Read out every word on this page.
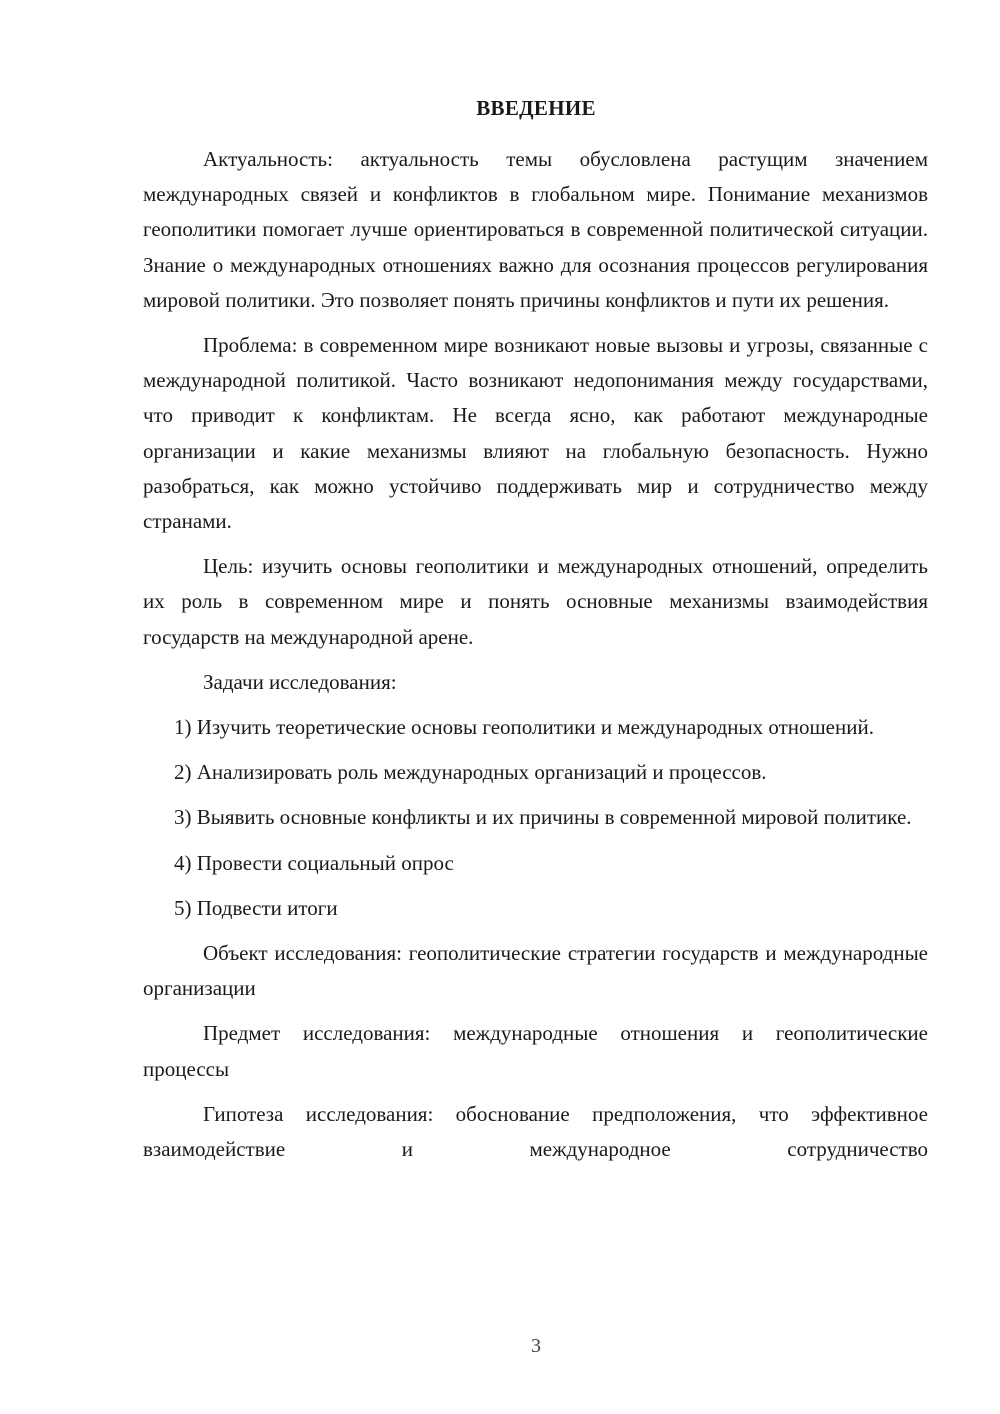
ВВЕДЕНИЕ

Актуальность: актуальность темы обусловлена растущим значением международных связей и конфликтов в глобальном мире. Понимание механизмов геополитики помогает лучше ориентироваться в современной политической ситуации. Знание о международных отношениях важно для осознания процессов регулирования мировой политики. Это позволяет понять причины конфликтов и пути их решения.

Проблема: в современном мире возникают новые вызовы и угрозы, связанные с международной политикой. Часто возникают недопонимания между государствами, что приводит к конфликтам. Не всегда ясно, как работают международные организации и какие механизмы влияют на глобальную безопасность. Нужно разобраться, как можно устойчиво поддерживать мир и сотрудничество между странами.

Цель: изучить основы геополитики и международных отношений, определить их роль в современном мире и понять основные механизмы взаимодействия государств на международной арене.

Задачи исследования:

1) Изучить теоретические основы геополитики и международных отношений.

2) Анализировать роль международных организаций и процессов.

3) Выявить основные конфликты и их причины в современной мировой политике.

4) Провести социальный опрос

5) Подвести итоги

Объект исследования: геополитические стратегии государств и международные организации

Предмет исследования: международные отношения и геополитические процессы

Гипотеза исследования: обоснование предположения, что эффективное взаимодействие и международное сотрудничество

3
